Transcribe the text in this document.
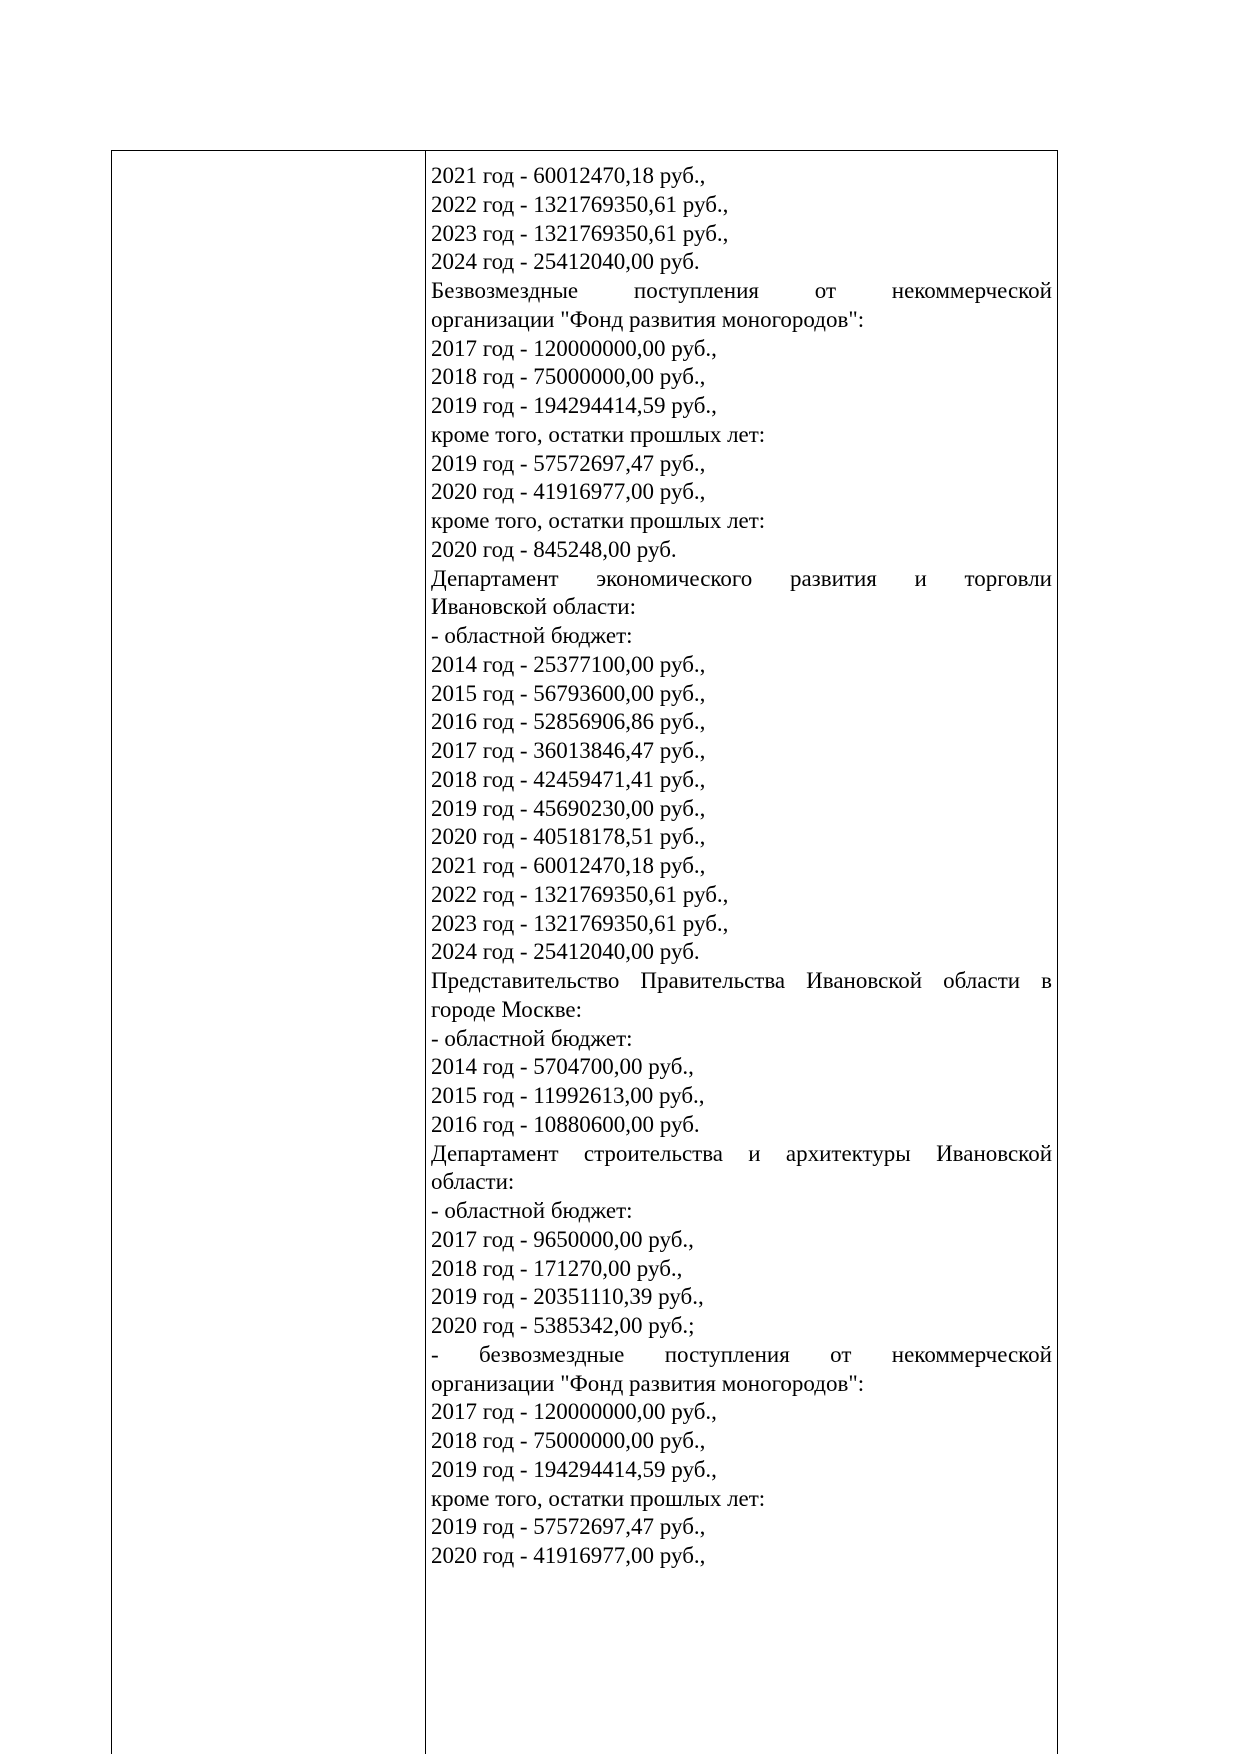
2021 год - 60012470,18 руб.,
2022 год - 1321769350,61 руб.,
2023 год - 1321769350,61 руб.,
2024 год - 25412040,00 руб.
Безвозмездные поступления от некоммерческой
организации "Фонд развития моногородов":
2017 год - 120000000,00 руб.,
2018 год - 75000000,00 руб.,
2019 год - 194294414,59 руб.,
кроме того, остатки прошлых лет:
2019 год - 57572697,47 руб.,
2020 год - 41916977,00 руб.,
кроме того, остатки прошлых лет:
2020 год - 845248,00 руб.
Департамент экономического развития и торговли
Ивановской области:
- областной бюджет:
2014 год - 25377100,00 руб.,
2015 год - 56793600,00 руб.,
2016 год - 52856906,86 руб.,
2017 год - 36013846,47 руб.,
2018 год - 42459471,41 руб.,
2019 год - 45690230,00 руб.,
2020 год - 40518178,51 руб.,
2021 год - 60012470,18 руб.,
2022 год - 1321769350,61 руб.,
2023 год - 1321769350,61 руб.,
2024 год - 25412040,00 руб.
Представительство Правительства Ивановской области в
городе Москве:
- областной бюджет:
2014 год - 5704700,00 руб.,
2015 год - 11992613,00 руб.,
2016 год - 10880600,00 руб.
Департамент строительства и архитектуры Ивановской
области:
- областной бюджет:
2017 год - 9650000,00 руб.,
2018 год - 171270,00 руб.,
2019 год - 20351110,39 руб.,
2020 год - 5385342,00 руб.;
- безвозмездные поступления от некоммерческой
организации "Фонд развития моногородов":
2017 год - 120000000,00 руб.,
2018 год - 75000000,00 руб.,
2019 год - 194294414,59 руб.,
кроме того, остатки прошлых лет:
2019 год - 57572697,47 руб.,
2020 год - 41916977,00 руб.,
